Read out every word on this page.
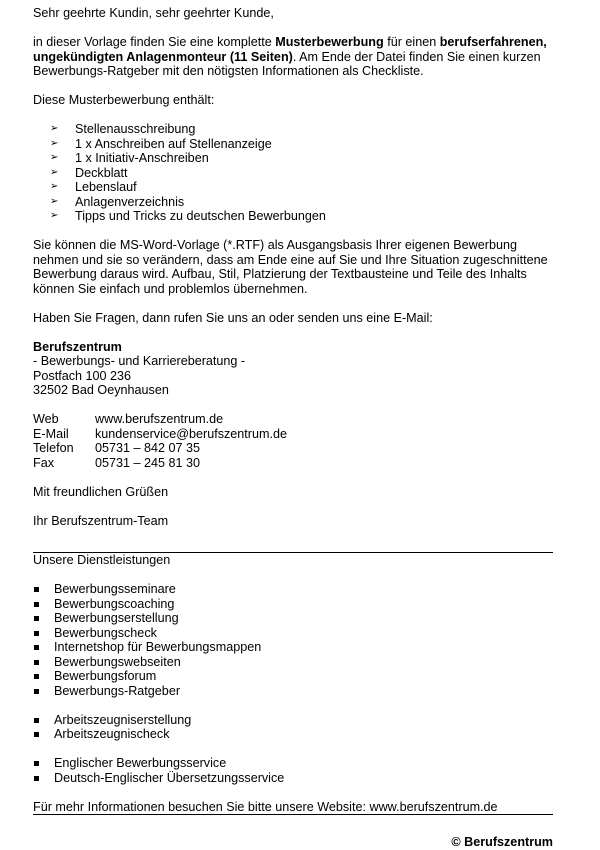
Sehr geehrte Kundin, sehr geehrter Kunde,

in dieser Vorlage finden Sie eine komplette Musterbewerbung für einen berufserfahrenen, ungekündigten Anlagenmonteur (11 Seiten). Am Ende der Datei finden Sie einen kurzen Bewerbungs-Ratgeber mit den nötigsten Informationen als Checkliste.

Diese Musterbewerbung enthält:

➢ Stellenausschreibung
➢ 1 x Anschreiben auf Stellenanzeige
➢ 1 x Initiativ-Anschreiben
➢ Deckblatt
➢ Lebenslauf
➢ Anlagenverzeichnis
➢ Tipps und Tricks zu deutschen Bewerbungen

Sie können die MS-Word-Vorlage (*.RTF) als Ausgangsbasis Ihrer eigenen Bewerbung nehmen und sie so verändern, dass am Ende eine auf Sie und Ihre Situation zugeschnittene Bewerbung daraus wird. Aufbau, Stil, Platzierung der Textbausteine und Teile des Inhalts können Sie einfach und problemlos übernehmen.

Haben Sie Fragen, dann rufen Sie uns an oder senden uns eine E-Mail:

Berufszentrum

- Bewerbungs- und Karriereberatung -

Postfach 100 236

32502 Bad Oeynhausen

Web	www.berufszentrum.de
E-Mail	kundenservice@berufszentrum.de
Telefon	05731 – 842 07 35
Fax	05731 – 245 81 30

Mit freundlichen Grüßen

Ihr Berufszentrum-Team

Unsere Dienstleistungen

Bewerbungsseminare
Bewerbungscoaching
Bewerbungserstellung
Bewerbungscheck
Internetshop für Bewerbungsmappen
Bewerbungswebseiten
Bewerbungsforum
Bewerbungs-Ratgeber
Arbeitszeugniserstellung
Arbeitszeugnischeck
Englischer Bewerbungsservice
Deutsch-Englischer Übersetzungsservice

Für mehr Informationen besuchen Sie bitte unsere Website: www.berufszentrum.de

© Berufszentrum
